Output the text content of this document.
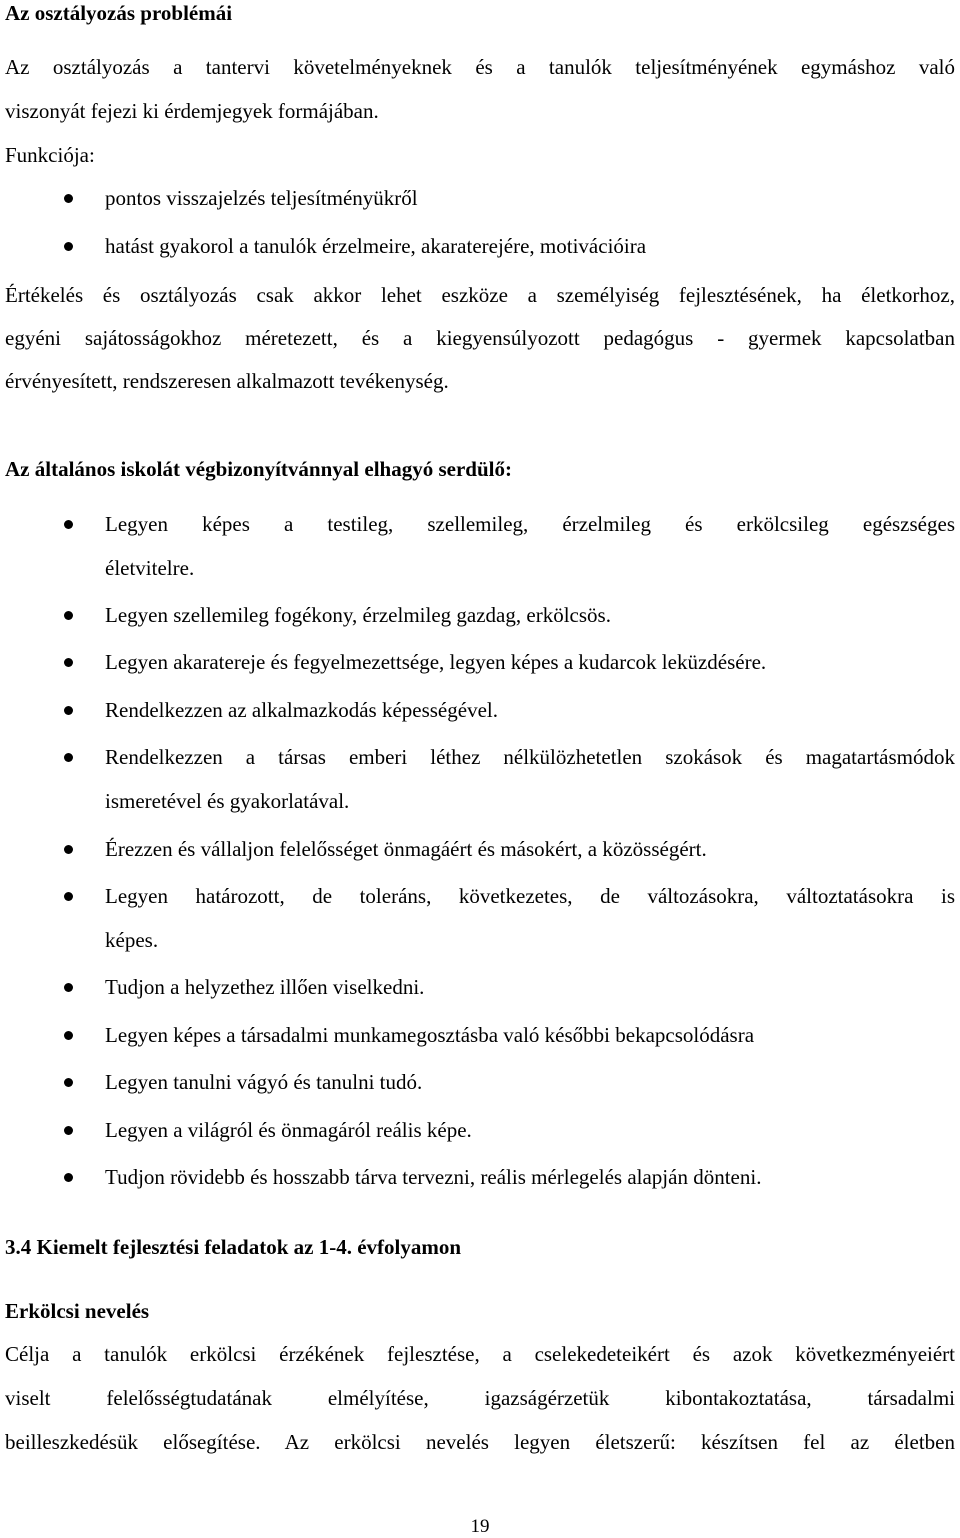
Az osztályozás problémái
Az osztályozás a tantervi követelményeknek és a tanulók teljesítményének egymáshoz való
viszonyát fejezi ki érdemjegyek formájában.
Funkciója:
pontos visszajelzés teljesítményükről
hatást gyakorol a tanulók érzelmeire, akaraterejére, motivációira
Értékelés és osztályozás csak akkor lehet eszköze a személyiség fejlesztésének, ha életkorhoz,
egyéni sajátosságokhoz méretezett, és a kiegyensúlyozott pedagógus - gyermek kapcsolatban
érvényesített, rendszeresen alkalmazott tevékenység.
Az általános iskolát végbizonyítvánnyal elhagyó serdülő:
Legyen képes a testileg, szellemileg, érzelmileg és erkölcsileg egészséges
életvitelre.
Legyen szellemileg fogékony, érzelmileg gazdag, erkölcsös.
Legyen akaratereje és fegyelmezettsége, legyen képes a kudarcok leküzdésére.
Rendelkezzen az alkalmazkodás képességével.
Rendelkezzen a társas emberi léthez nélkülözhetetlen szokások és magatartásmódok
ismeretével és gyakorlatával.
Érezzen és vállaljon felelősséget önmagáért és másokért, a közösségért.
Legyen határozott, de toleráns, következetes, de változásokra, változtatásokra is
képes.
Tudjon a helyzethez illően viselkedni.
Legyen képes a társadalmi munkamegosztásba való későbbi bekapcsolódásra
Legyen tanulni vágyó és tanulni tudó.
Legyen a világról és önmagáról reális képe.
Tudjon rövidebb és hosszabb tárva tervezni, reális mérlegelés alapján dönteni.
3.4 Kiemelt fejlesztési feladatok az 1-4. évfolyamon
Erkölcsi nevelés
Célja a tanulók erkölcsi érzékének fejlesztése, a cselekedeteikért és azok következményeiért
viselt felelősségtudatának elmélyítése, igazságérzetük kibontakoztatása, társadalmi
beilleszkedésük elősegítése. Az erkölcsi nevelés legyen életszerű: készítsen fel az életben
19
